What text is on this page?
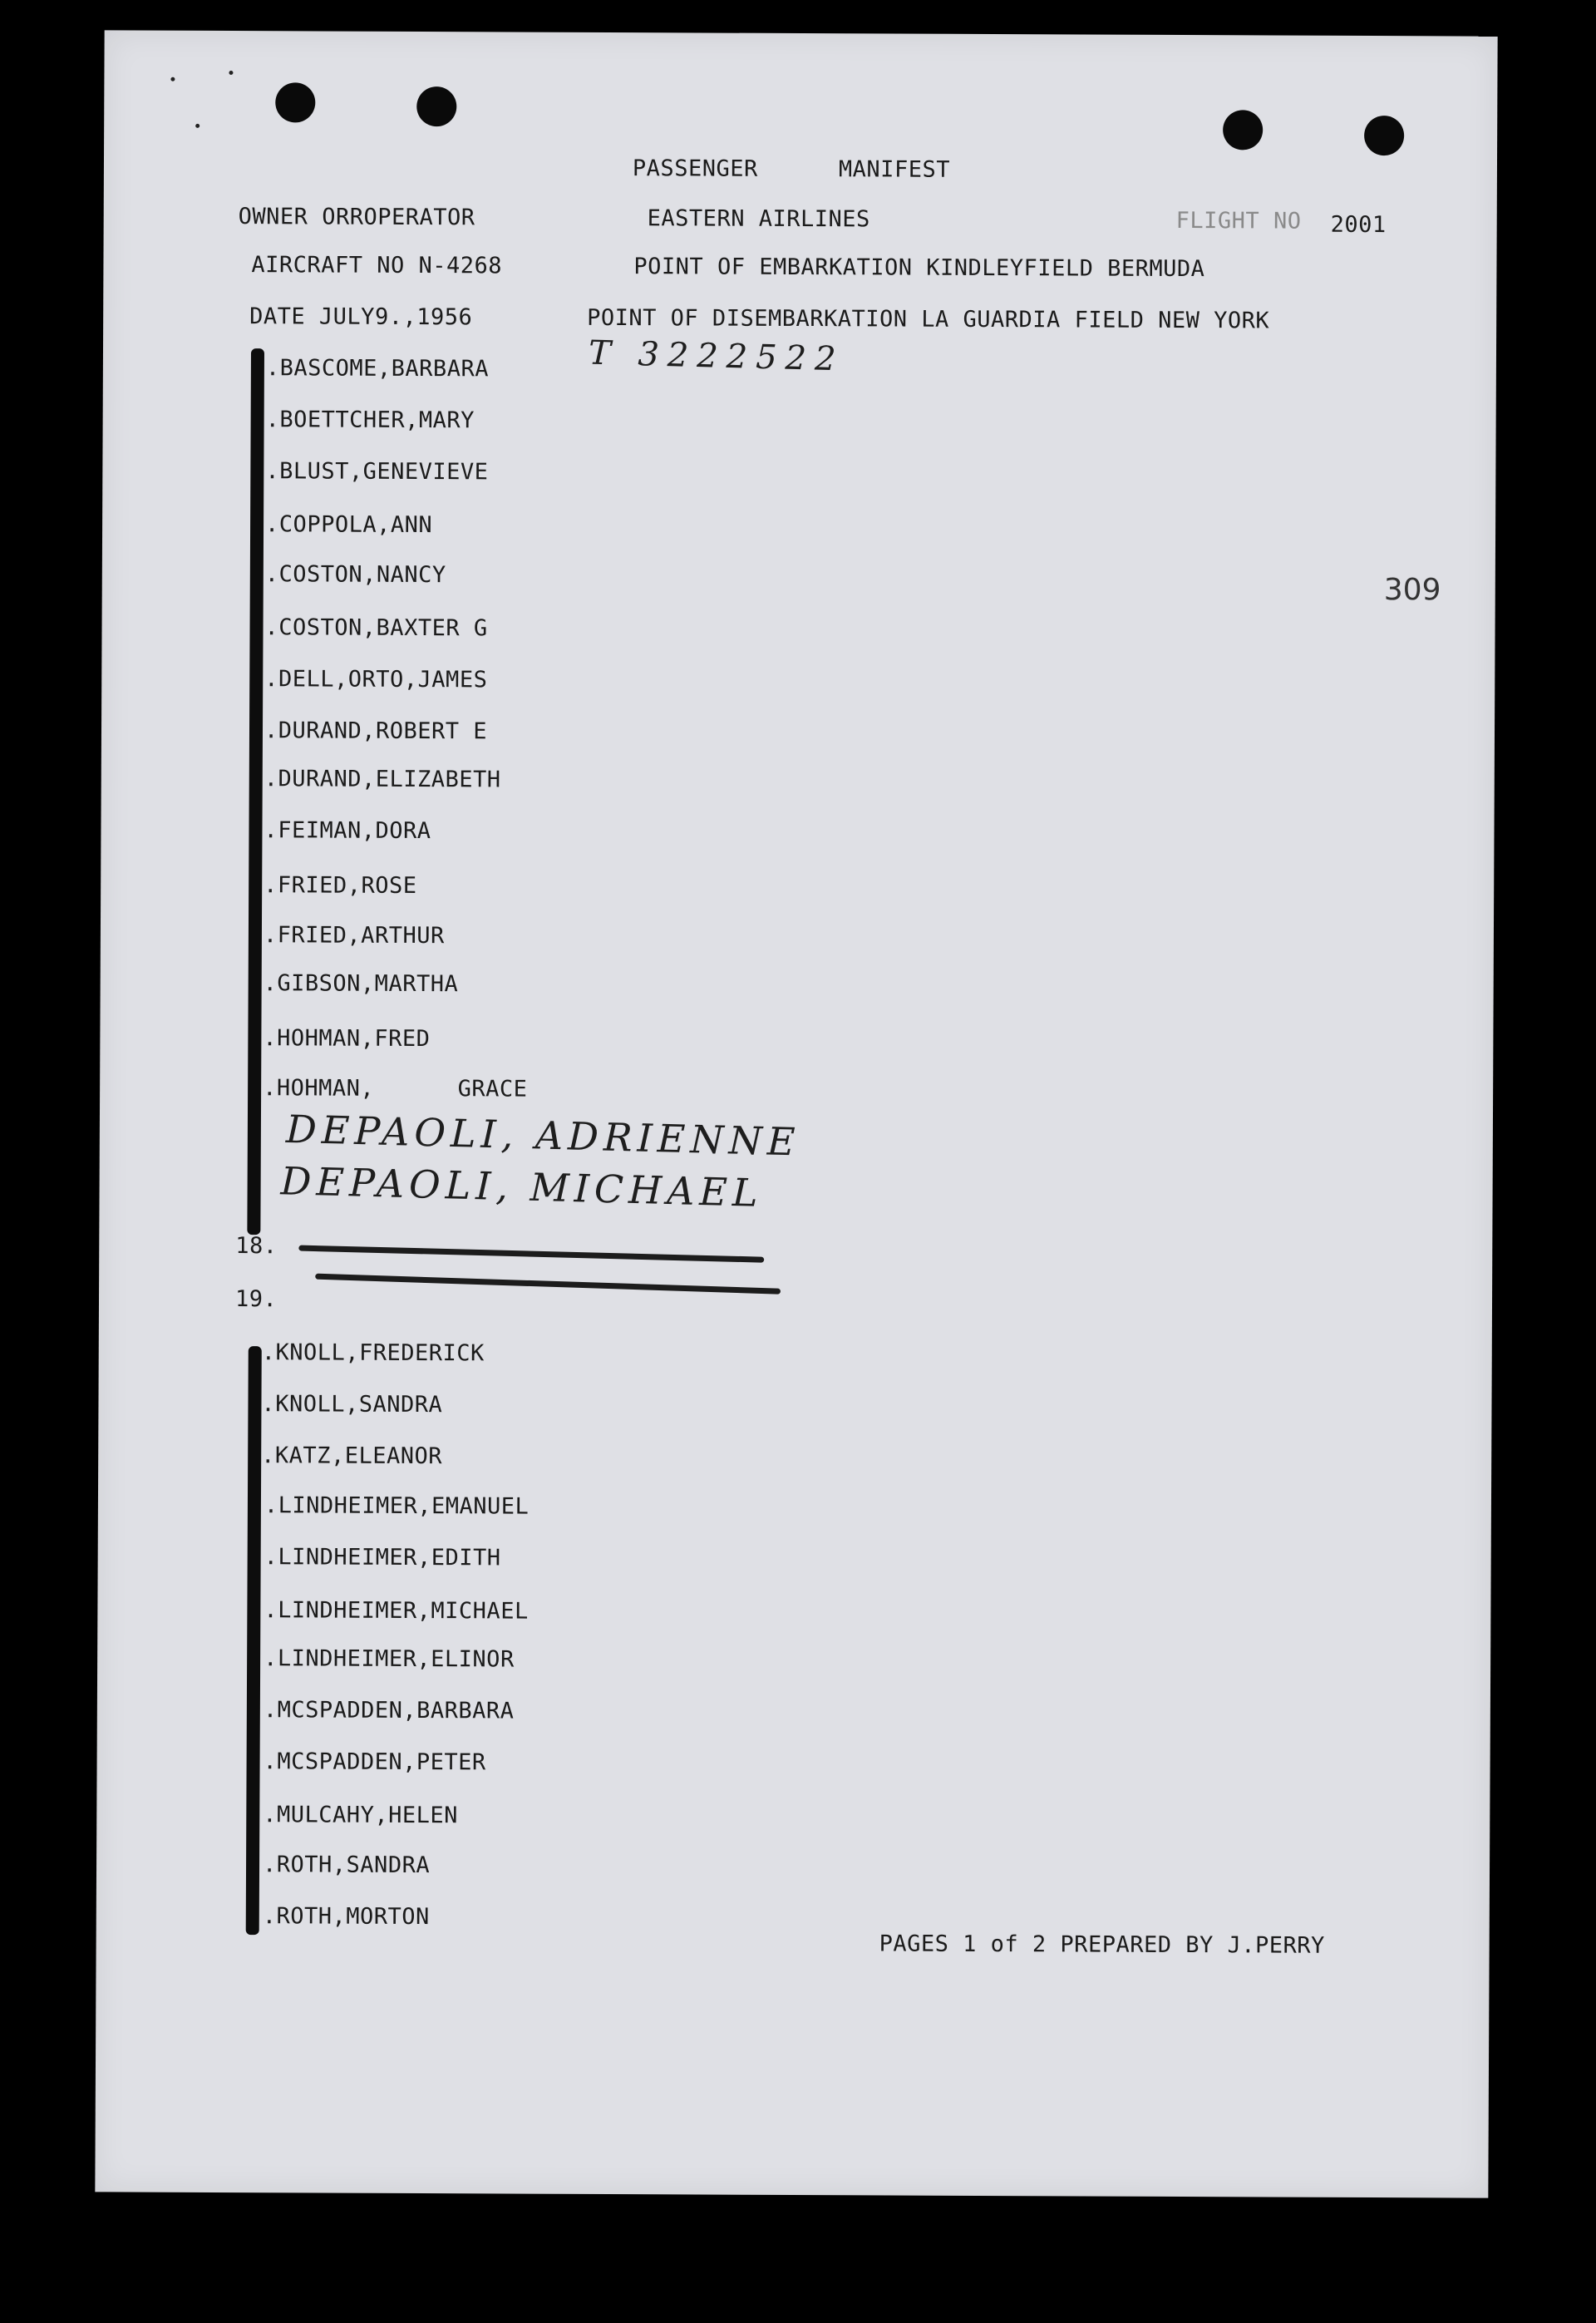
PASSENGER	MANIFEST
OWNER ORROPERATOR	EASTERN AIRLINES	FLIGHT NO 2001
AIRCRAFT NO N-4268	POINT OF EMBARKATION KINDLEYFIELD BERMUDA
DATE JULY9.,1956	POINT OF DISEMBARKATION LA GUARDIA FIELD NEW YORK
T 3222522
309
.BASCOME,BARBARA
.BOETTCHER,MARY
.BLUST,GENEVIEVE
.COPPOLA,ANN
.COSTON,NANCY
.COSTON,BAXTER G
.DELL,ORTO,JAMES
.DURAND,ROBERT E
.DURAND,ELIZABETH
.FEIMAN,DORA
.FRIED,ROSE
.FRIED,ARTHUR
.GIBSON,MARTHA
.HOHMAN,FRED
.HOHMAN,      GRACE
DEPAOLI, ADRIENNE
DEPAOLI, MICHAEL
18.
19.
.KNOLL,FREDERICK
.KNOLL,SANDRA
.KATZ,ELEANOR
.LINDHEIMER,EMANUEL
.LINDHEIMER,EDITH
.LINDHEIMER,MICHAEL
.LINDHEIMER,ELINOR
.MCSPADDEN,BARBARA
.MCSPADDEN,PETER
.MULCAHY,HELEN
.ROTH,SANDRA
.ROTH,MORTON
PAGES 1 of 2 PREPARED BY J.PERRY
